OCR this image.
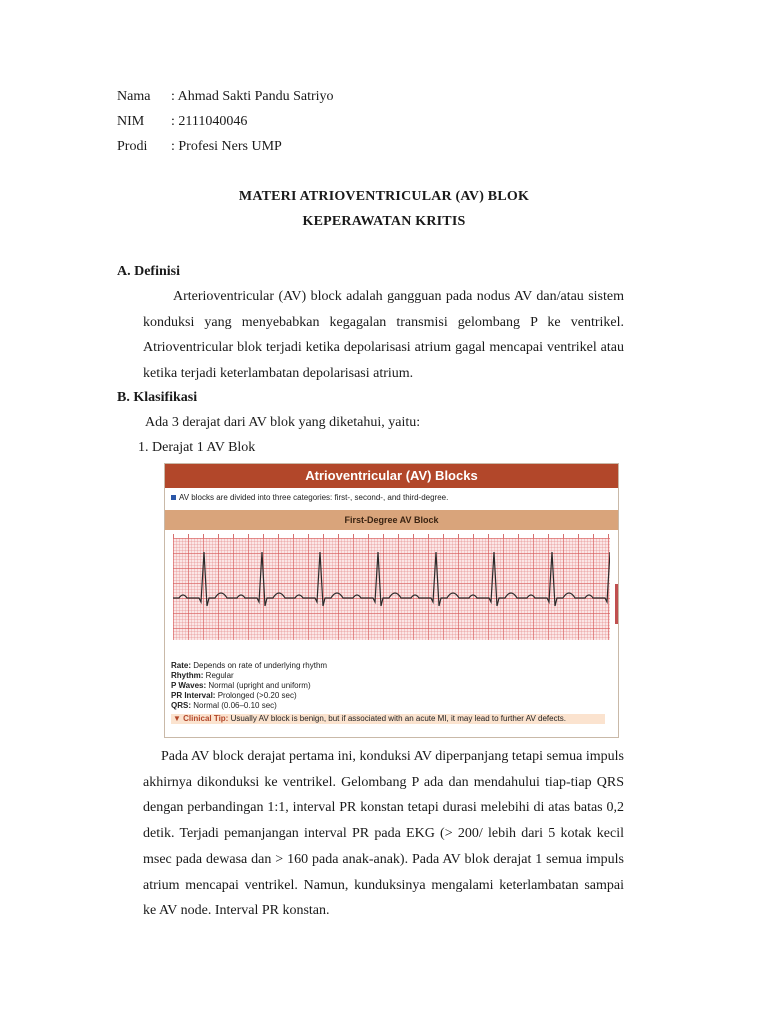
Nama : Ahmad Sakti Pandu Satriyo
NIM : 2111040046
Prodi : Profesi Ners UMP
MATERI ATRIOVENTRICULAR (AV) BLOK
KEPERAWATAN KRITIS
A. Definisi
Arterioventricular (AV) block adalah gangguan pada nodus AV dan/atau sistem konduksi yang menyebabkan kegagalan transmisi gelombang P ke ventrikel. Atrioventricular blok terjadi ketika depolarisasi atrium gagal mencapai ventrikel atau ketika terjadi keterlambatan depolarisasi atrium.
B. Klasifikasi
Ada 3 derajat dari AV blok yang diketahui, yaitu:
1. Derajat 1 AV Blok
Atrioventricular (AV) Blocks
AV blocks are divided into three categories: first-, second-, and third-degree.
First-Degree AV Block
Rate: Depends on rate of underlying rhythm
Rhythm: Regular
P Waves: Normal (upright and uniform)
PR Interval: Prolonged (>0.20 sec)
QRS: Normal (0.06–0.10 sec)
▼ Clinical Tip: Usually AV block is benign, but if associated with an acute MI, it may lead to further AV defects.
Pada AV block derajat pertama ini, konduksi AV diperpanjang tetapi semua impuls akhirnya dikonduksi ke ventrikel. Gelombang P ada dan mendahului tiap-tiap QRS dengan perbandingan 1:1, interval PR konstan tetapi durasi melebihi di atas batas 0,2 detik. Terjadi pemanjangan interval PR pada EKG (> 200/ lebih dari 5 kotak kecil msec pada dewasa dan > 160 pada anak-anak). Pada AV blok derajat 1 semua impuls atrium mencapai ventrikel. Namun, kunduksinya mengalami keterlambatan sampai ke AV node. Interval PR konstan.
